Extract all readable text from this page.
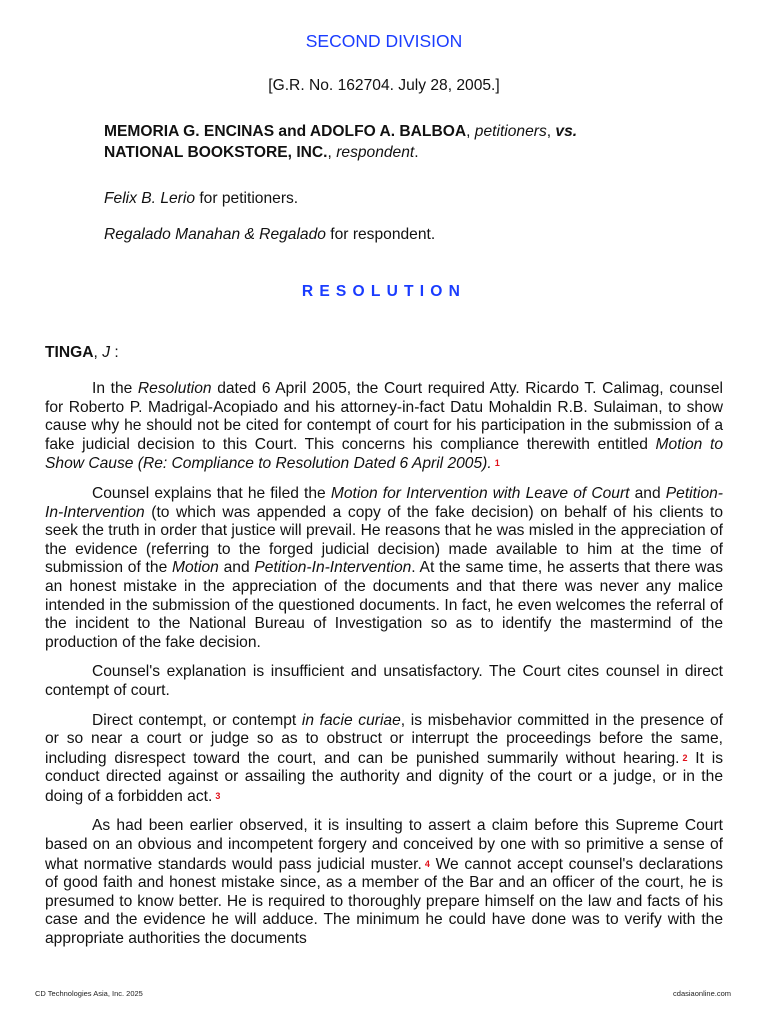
SECOND DIVISION
[G.R. No. 162704. July 28, 2005.]
MEMORIA G. ENCINAS and ADOLFO A. BALBOA, petitioners, vs.
NATIONAL BOOKSTORE, INC., respondent.
Felix B. Lerio for petitioners.
Regalado Manahan & Regalado for respondent.
RESOLUTION
TINGA, J :

In the Resolution dated 6 April 2005, the Court required Atty. Ricardo T. Calimag, counsel for Roberto P. Madrigal-Acopiado and his attorney-in-fact Datu Mohaldin R.B. Sulaiman, to show cause why he should not be cited for contempt of court for his participation in the submission of a fake judicial decision to this Court. This concerns his compliance therewith entitled Motion to Show Cause (Re: Compliance to Resolution Dated 6 April 2005). 1

Counsel explains that he filed the Motion for Intervention with Leave of Court and Petition-In-Intervention (to which was appended a copy of the fake decision) on behalf of his clients to seek the truth in order that justice will prevail. He reasons that he was misled in the appreciation of the evidence (referring to the forged judicial decision) made available to him at the time of submission of the Motion and Petition-In-Intervention. At the same time, he asserts that there was an honest mistake in the appreciation of the documents and that there was never any malice intended in the submission of the questioned documents. In fact, he even welcomes the referral of the incident to the National Bureau of Investigation so as to identify the mastermind of the production of the fake decision.

Counsel's explanation is insufficient and unsatisfactory. The Court cites counsel in direct contempt of court.

Direct contempt, or contempt in facie curiae, is misbehavior committed in the presence of or so near a court or judge so as to obstruct or interrupt the proceedings before the same, including disrespect toward the court, and can be punished summarily without hearing. 2 It is conduct directed against or assailing the authority and dignity of the court or a judge, or in the doing of a forbidden act. 3

As had been earlier observed, it is insulting to assert a claim before this Supreme Court based on an obvious and incompetent forgery and conceived by one with so primitive a sense of what normative standards would pass judicial muster. 4 We cannot accept counsel's declarations of good faith and honest mistake since, as a member of the Bar and an officer of the court, he is presumed to know better. He is required to thoroughly prepare himself on the law and facts of his case and the evidence he will adduce. The minimum he could have done was to verify with the appropriate authorities the documents

CD Technologies Asia, Inc. 2025	cdasiaonline.com
